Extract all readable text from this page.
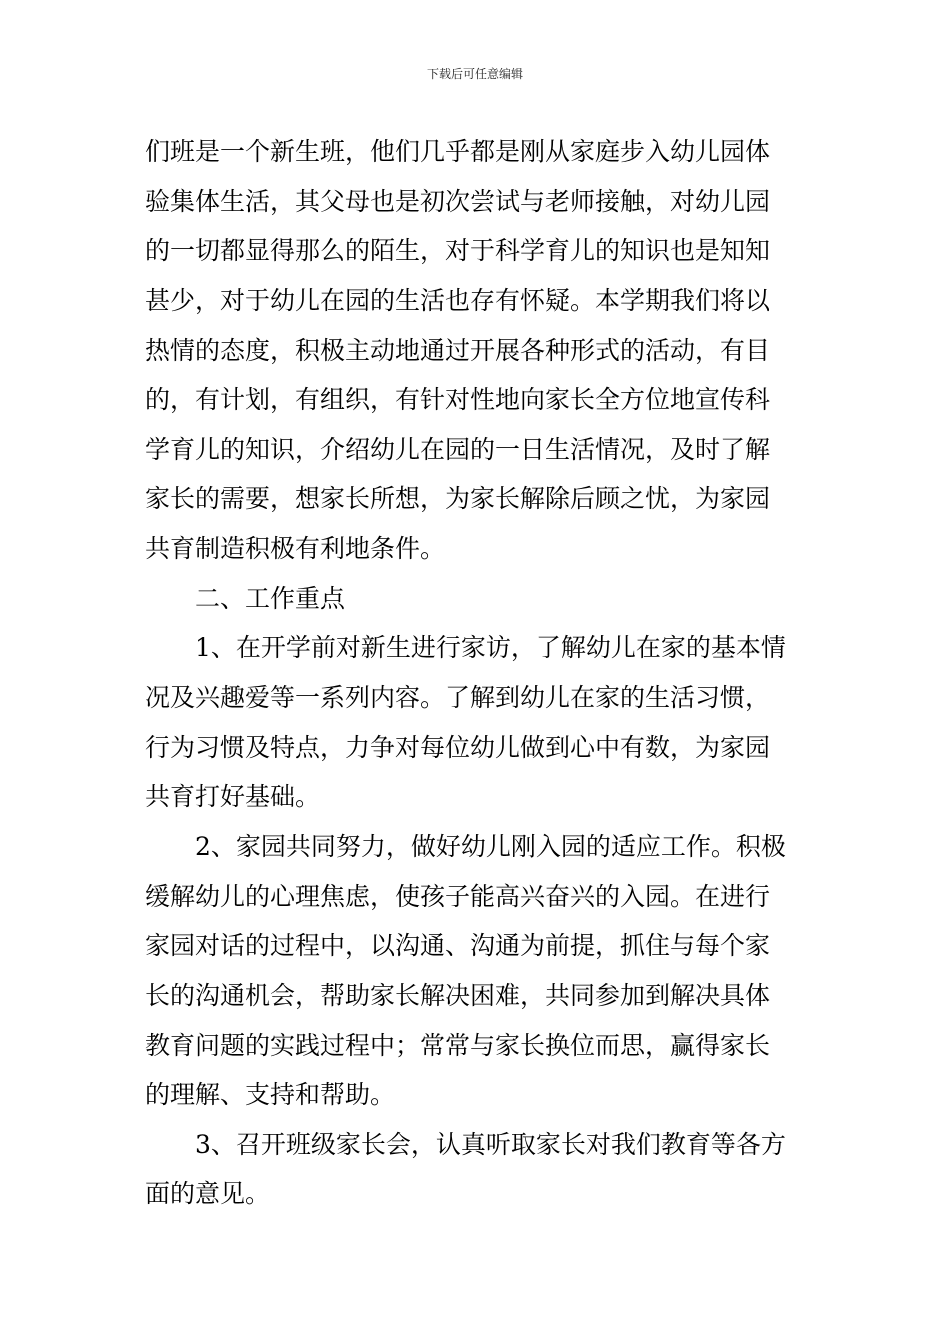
下载后可任意编辑
们班是一个新生班，他们几乎都是刚从家庭步入幼儿园体
验集体生活，其父母也是初次尝试与老师接触，对幼儿园
的一切都显得那么的陌生，对于科学育儿的知识也是知知
甚少，对于幼儿在园的生活也存有怀疑。本学期我们将以
热情的态度，积极主动地通过开展各种形式的活动，有目
的，有计划，有组织，有针对性地向家长全方位地宣传科
学育儿的知识，介绍幼儿在园的一日生活情况，及时了解
家长的需要，想家长所想，为家长解除后顾之忧，为家园
共育制造积极有利地条件。
二、工作重点
1、在开学前对新生进行家访，了解幼儿在家的基本情
况及兴趣爱等一系列内容。了解到幼儿在家的生活习惯，
行为习惯及特点，力争对每位幼儿做到心中有数，为家园
共育打好基础。
2、家园共同努力，做好幼儿刚入园的适应工作。积极
缓解幼儿的心理焦虑，使孩子能高兴奋兴的入园。在进行
家园对话的过程中，以沟通、沟通为前提，抓住与每个家
长的沟通机会，帮助家长解决困难，共同参加到解决具体
教育问题的实践过程中；常常与家长换位而思，赢得家长
的理解、支持和帮助。
3、召开班级家长会，认真听取家长对我们教育等各方
面的意见。
